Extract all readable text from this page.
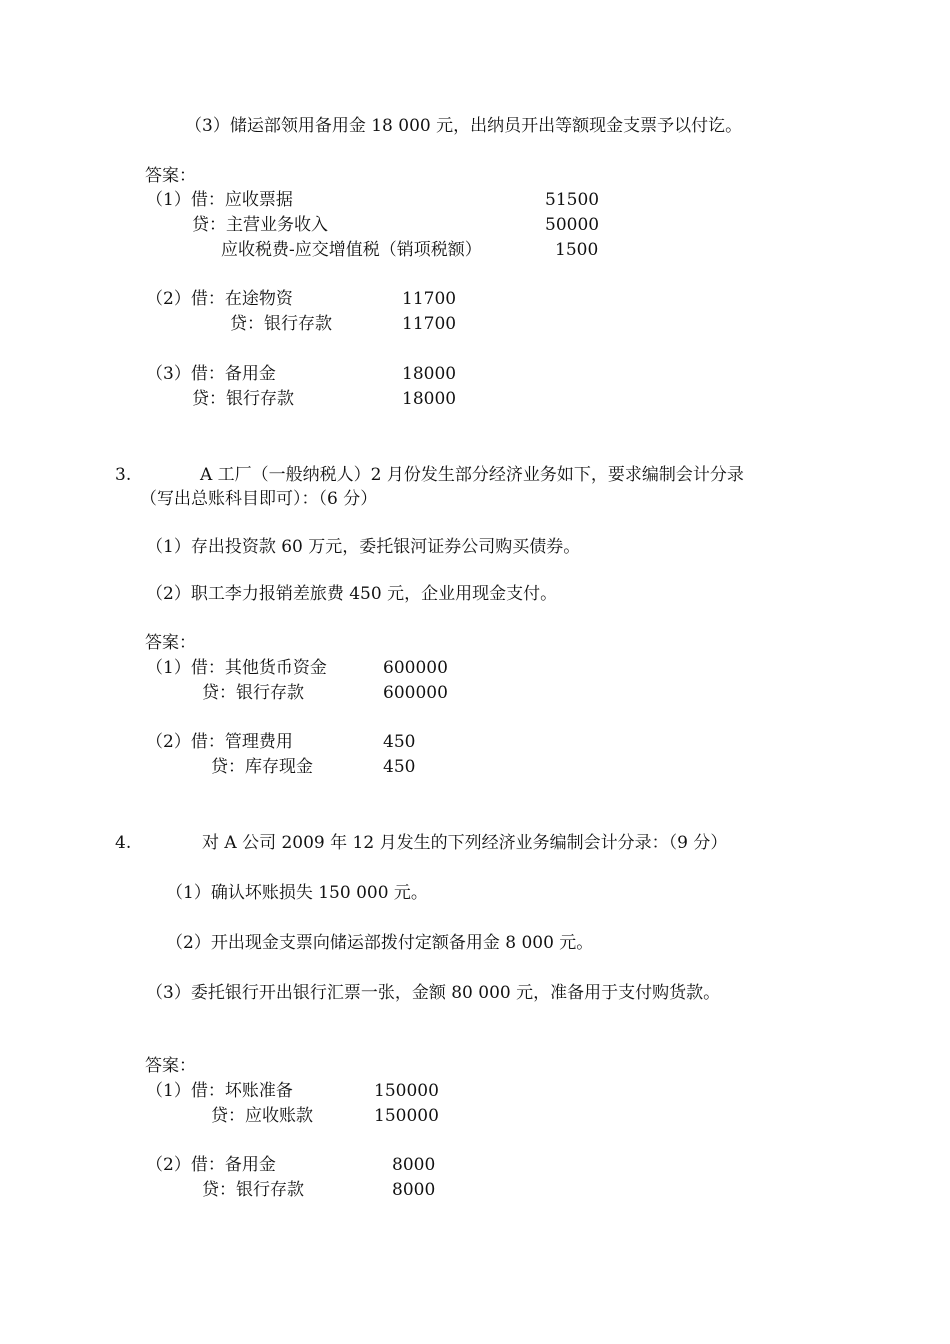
（3）储运部领用备用金 18 000 元，出纳员开出等额现金支票予以付讫。
答案：
（1）借：应收票据	51500
贷：主营业务收入	50000
应收税费-应交增值税（销项税额）	1500
（2）借：在途物资	11700
贷：银行存款	11700
（3）借：备用金	18000
贷：银行存款	18000
3.	A 工厂（一般纳税人）2 月份发生部分经济业务如下，要求编制会计分录
（写出总账科目即可）：（6 分）
（1）存出投资款 60 万元，委托银河证券公司购买债券。
（2）职工李力报销差旅费 450 元，企业用现金支付。
答案：
（1）借：其他货币资金	600000
贷：银行存款	600000
（2）借：管理费用	450
贷：库存现金	450
4.	对 A 公司 2009 年 12 月发生的下列经济业务编制会计分录：（9 分）
（1）确认坏账损失 150 000 元。
（2）开出现金支票向储运部拨付定额备用金 8 000 元。
（3）委托银行开出银行汇票一张，金额 80 000 元，准备用于支付购货款。
答案：
（1）借：坏账准备	150000
贷：应收账款	150000
（2）借：备用金	8000
贷：银行存款	8000
